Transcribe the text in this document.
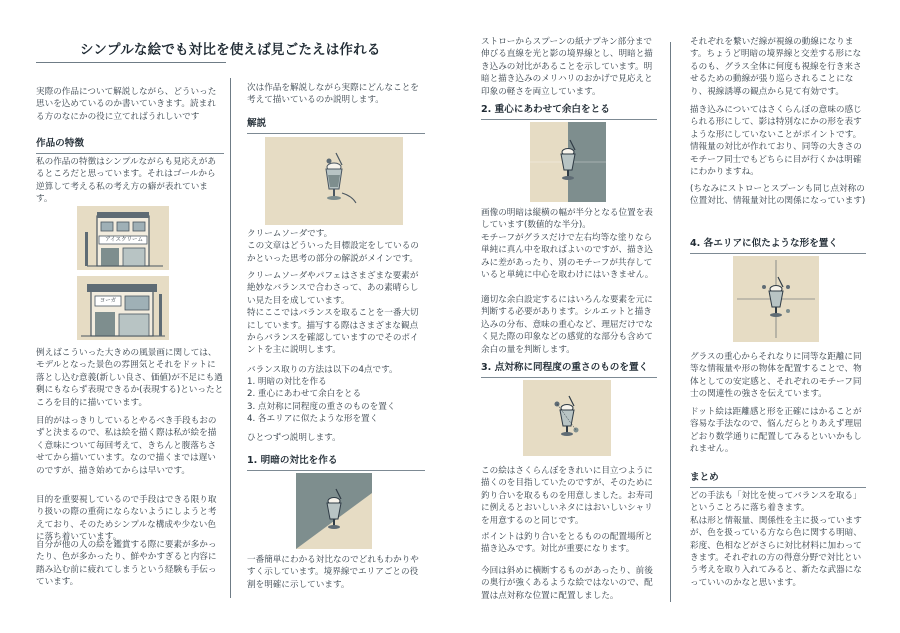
シンプルな絵でも対比を使えば見ごたえは作れる

実際の作品について解説しながら、どういった思いを込めているのか書いていきます。読まれる方のなにかの役に立てればうれしいです

作品の特徴

私の作品の特徴はシンプルながらも見応えがあるところだと思っています。それはゴールから逆算して考える私の考え方の癖が表れています。

例えばこういった大きめの風景画に関しては、モデルとなった景色の雰囲気とそれをドットに落とし込む意義(新しい良さ、価値)が不足にも過剰にもならず表現できるか(表現する)といったところを目的に描いています。

目的がはっきりしているとやるべき手段もおのずと決まるので、私は絵を描く際は私が絵を描く意味について毎回考えて、きちんと腹落ちさせてから描いています。なので描くまでは遅いのですが、描き始めてからは早いです。

目的を重要視しているので手段はできる限り取り扱いの際の重荷にならないようにしようと考えており、そのためシンプルな構成や少ない色に落ち着いています。

自分が他の人の絵を鑑賞する際に要素が多かったり、色が多かったり、鮮やかすぎると内容に踏み込む前に疲れてしまうという経験も手伝っています。

アイスクリーム
ヨーガ

次は作品を解説しながら実際にどんなことを考えて描いているのか説明します。

解説

クリームソーダです。
この文章はどういった目標設定をしているのかといった思考の部分の解説がメインです。

クリームソーダやパフェはさまざまな要素が絶妙なバランスで合わさって、あの素晴らしい見た目を成しています。
特にここではバランスを取ることを一番大切にしています。描写する際はさまざまな観点からバランスを確認していますのでそのポイントを主に説明します。

バランス取りの方法は以下の4点です。

1. 明暗の対比を作る
2. 重心にあわせて余白をとる
3. 点対称に同程度の重さのものを置く
4. 各エリアに似たような形を置く

ひとつずつ説明します。

1. 明暗の対比を作る

一番簡単にわかる対比なのでどれもわかりやすく示しています。境界線でエリアごとの役割を明確に示しています。

ストローからスプーンの紙ナプキン部分まで伸びる直線を光と影の境界線とし、明暗と描き込みの対比があることを示しています。明暗と描き込みのメリハリのおかげで見応えと印象の軽さを両立しています。

2. 重心にあわせて余白をとる

画像の明暗は縦横の幅が半分となる位置を表しています(数値的な半分)。
モチーフがグラスだけで左右均等な塗りなら単純に真ん中を取ればよいのですが、描き込みに差があったり、別のモチーフが共存していると単純に中心を取わけにはいきません。

適切な余白設定するにはいろんな要素を元に判断する必要があります。シルエットと描き込みの分布、意味の重心など、理屈だけでなく見た際の印象などの感覚的な部分も含めて余白の量を判断します。

3. 点対称に同程度の重さのものを置く

この絵はさくらんぼをきれいに目立つように描くのを目指していたのですが、そのために釣り合いを取るものを用意しました。お寿司に例えるとおいしいネタにはおいしいシャリを用意するのと同じです。

ポイントは釣り合いをとるものの配置場所と描き込みです。対比が重要になります。

今回は斜めに横断するものがあったり、前後の奥行が強くあるような絵ではないので、配置は点対称な位置に配置しました。

それぞれを繋いだ線が視線の動線になります。ちょうど明暗の境界線と交差する形になるのも、グラス全体に何度も視線を行き来させるための動線が張り巡らされることになり、視線誘導の観点から見て有効です。

描き込みについてはさくらんぼの意味の感じられる形にして、影は特別なにかの形を表すような形にしていないことがポイントです。情報量の対比が作れており、同等の大きさのモチーフ同士でもどちらに目が行くかは明確にわかりますね。

(ちなみにストローとスプーンも同じ点対称の位置対比、情報量対比の関係になっています)

4. 各エリアに似たような形を置く

グラスの重心からそれなりに同等な距離に同等な情報量や形の物体を配置することで、物体としての安定感と、それぞれのモチーフ同士の関連性の強さを伝えています。

ドット絵は距離感と形を正確にはかることが容易な手法なので、悩んだらとりあえず理屈どおり数学通りに配置してみるといいかもしれません。

まとめ

どの手法も「対比を使ってバランスを取る」ということろに落ち着きます。
私は形と情報量、関係性を主に扱っていますが、色を扱っている方なら色に関する明暗、彩度、色相などがさらに対比材料に加わってきます。それぞれの方の得意分野で対比という考えを取り入れてみると、新たな武器になっていいのかなと思います。
